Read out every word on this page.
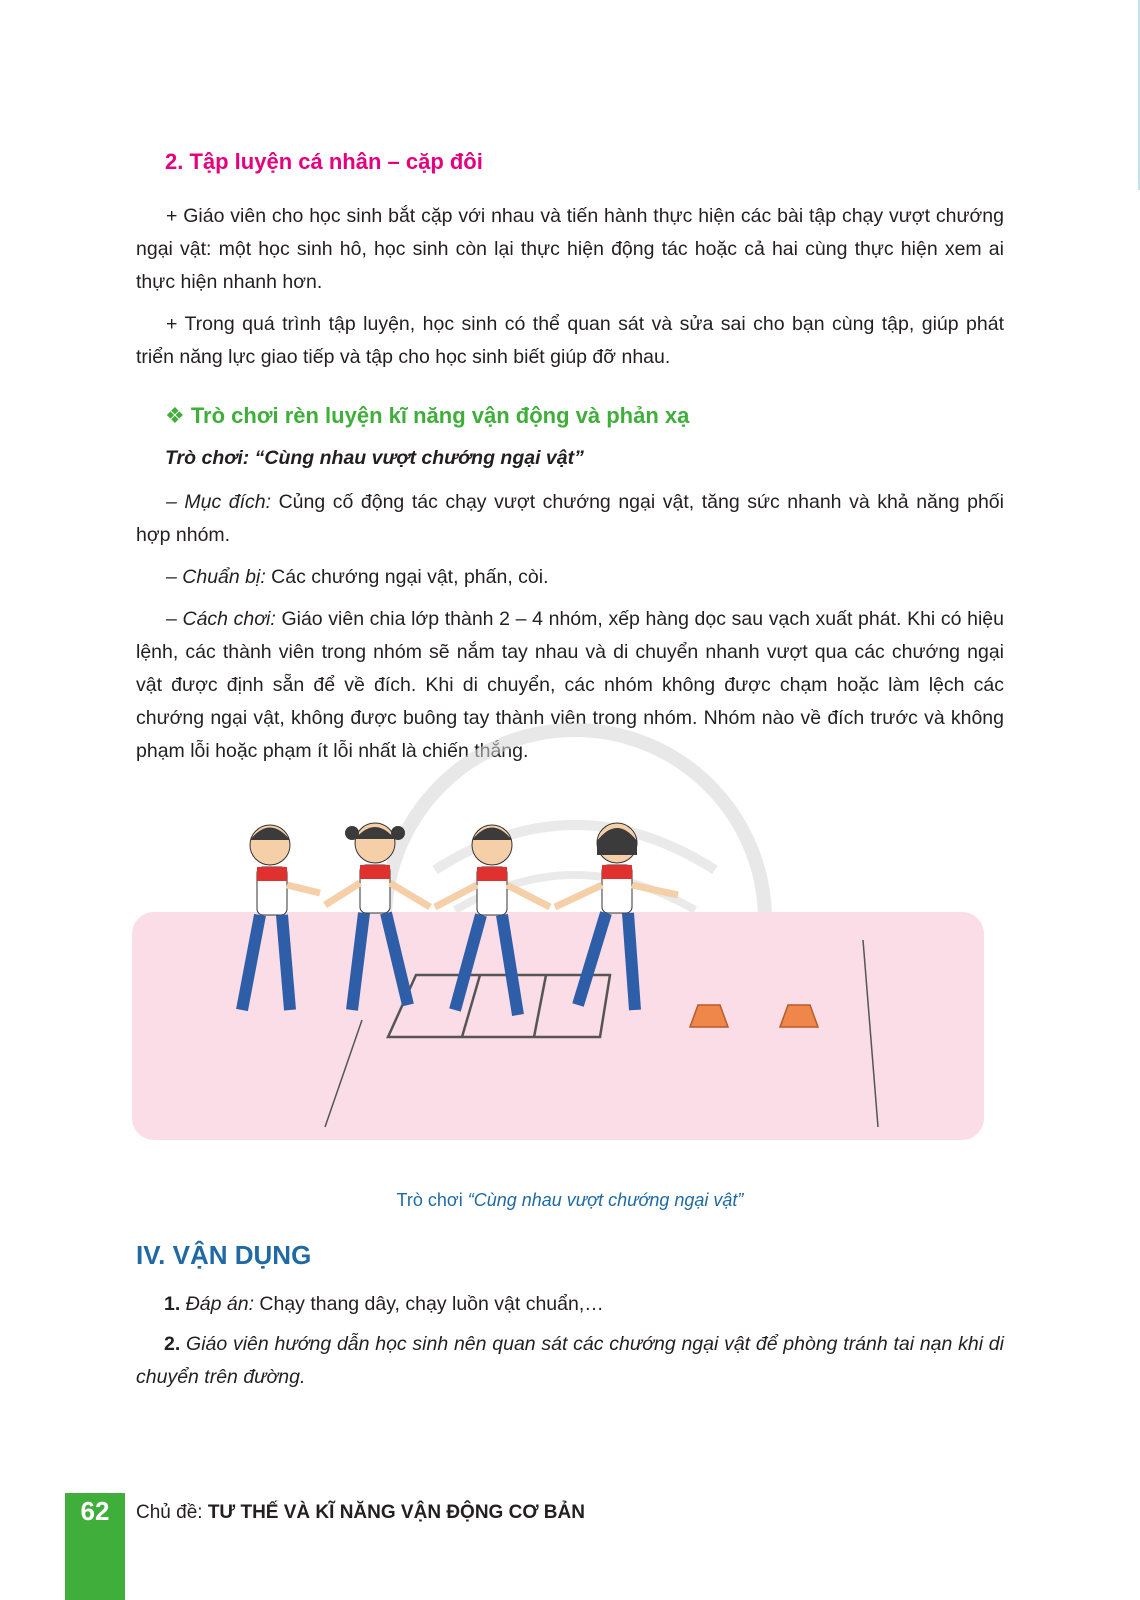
2. Tập luyện cá nhân – cặp đôi

+ Giáo viên cho học sinh bắt cặp với nhau và tiến hành thực hiện các bài tập chạy vượt chướng ngại vật: một học sinh hô, học sinh còn lại thực hiện động tác hoặc cả hai cùng thực hiện xem ai thực hiện nhanh hơn.

+ Trong quá trình tập luyện, học sinh có thể quan sát và sửa sai cho bạn cùng tập, giúp phát triển năng lực giao tiếp và tập cho học sinh biết giúp đỡ nhau.

❖ Trò chơi rèn luyện kĩ năng vận động và phản xạ

Trò chơi: “Cùng nhau vượt chướng ngại vật”

– Mục đích: Củng cố động tác chạy vượt chướng ngại vật, tăng sức nhanh và khả năng phối hợp nhóm.

– Chuẩn bị: Các chướng ngại vật, phấn, còi.

– Cách chơi: Giáo viên chia lớp thành 2 – 4 nhóm, xếp hàng dọc sau vạch xuất phát. Khi có hiệu lệnh, các thành viên trong nhóm sẽ nắm tay nhau và di chuyển nhanh vượt qua các chướng ngại vật được định sẵn để về đích. Khi di chuyển, các nhóm không được chạm hoặc làm lệch các chướng ngại vật, không được buông tay thành viên trong nhóm. Nhóm nào về đích trước và không phạm lỗi hoặc phạm ít lỗi nhất là chiến thắng.

Trò chơi “Cùng nhau vượt chướng ngại vật”

IV. VẬN DỤNG

1. Đáp án: Chạy thang dây, chạy luồn vật chuẩn,…

2. Giáo viên hướng dẫn học sinh nên quan sát các chướng ngại vật để phòng tránh tai nạn khi di chuyển trên đường.

62	Chủ đề: TƯ THẾ VÀ KĨ NĂNG VẬN ĐỘNG CƠ BẢN
